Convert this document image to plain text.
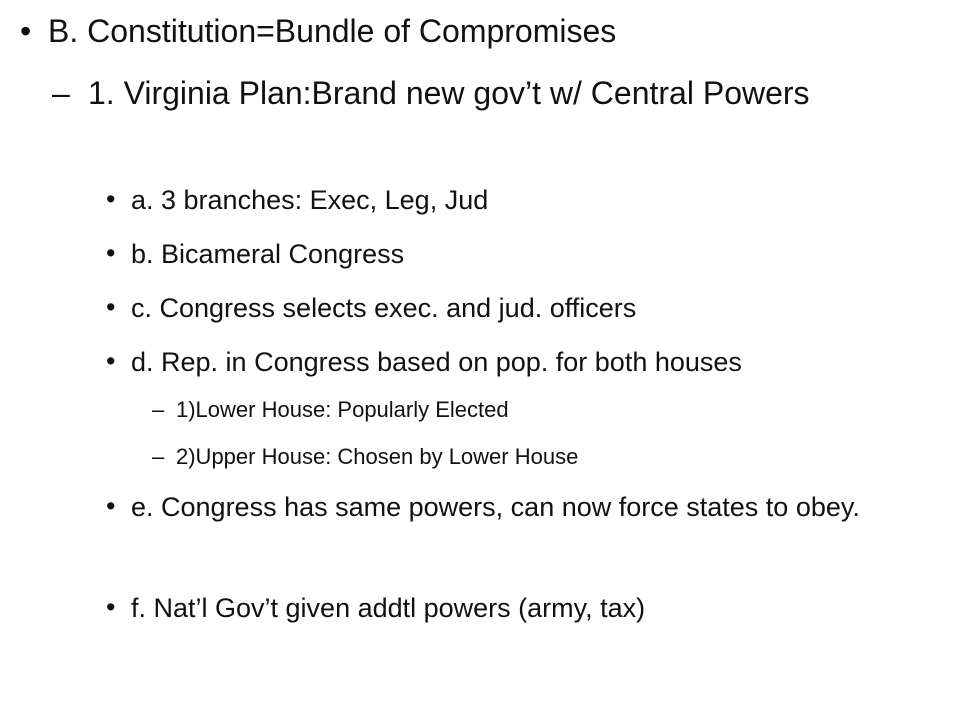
• B. Constitution=Bundle of Compromises
– 1. Virginia Plan:Brand new gov’t w/ Central Powers
• a. 3 branches: Exec, Leg, Jud
• b. Bicameral Congress
• c. Congress selects exec. and jud. officers
• d. Rep. in Congress based on pop. for both houses
– 1)Lower House: Popularly Elected
– 2)Upper House: Chosen by Lower House
• e. Congress has same powers, can now force states to obey.
• f. Nat’l Gov’t given addtl powers (army, tax)
